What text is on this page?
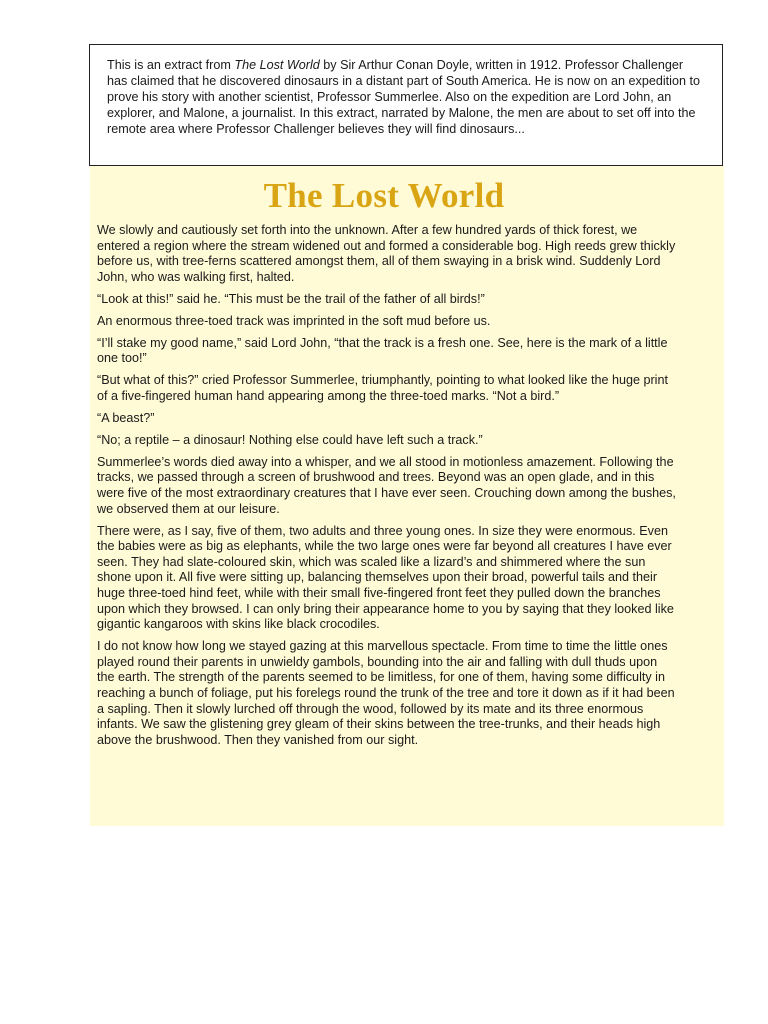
This is an extract from The Lost World by Sir Arthur Conan Doyle, written in 1912. Professor Challenger has claimed that he discovered dinosaurs in a distant part of South America. He is now on an expedition to prove his story with another scientist, Professor Summerlee. Also on the expedition are Lord John, an explorer, and Malone, a journalist. In this extract, narrated by Malone, the men are about to set off into the remote area where Professor Challenger believes they will find dinosaurs...
The Lost World

We slowly and cautiously set forth into the unknown. After a few hundred yards of thick forest, we entered a region where the stream widened out and formed a considerable bog. High reeds grew thickly before us, with tree-ferns scattered amongst them, all of them swaying in a brisk wind. Suddenly Lord John, who was walking first, halted.

“Look at this!” said he. “This must be the trail of the father of all birds!”

An enormous three-toed track was imprinted in the soft mud before us.

“I’ll stake my good name,” said Lord John, “that the track is a fresh one. See, here is the mark of a little one too!”

“But what of this?” cried Professor Summerlee, triumphantly, pointing to what looked like the huge print of a five-fingered human hand appearing among the three-toed marks. “Not a bird.”

“A beast?”

“No; a reptile – a dinosaur! Nothing else could have left such a track.”

Summerlee’s words died away into a whisper, and we all stood in motionless amazement. Following the tracks, we passed through a screen of brushwood and trees. Beyond was an open glade, and in this were five of the most extraordinary creatures that I have ever seen. Crouching down among the bushes, we observed them at our leisure.

There were, as I say, five of them, two adults and three young ones. In size they were enormous. Even the babies were as big as elephants, while the two large ones were far beyond all creatures I have ever seen. They had slate-coloured skin, which was scaled like a lizard’s and shimmered where the sun shone upon it. All five were sitting up, balancing themselves upon their broad, powerful tails and their huge three-toed hind feet, while with their small five-fingered front feet they pulled down the branches upon which they browsed. I can only bring their appearance home to you by saying that they looked like gigantic kangaroos with skins like black crocodiles.

I do not know how long we stayed gazing at this marvellous spectacle. From time to time the little ones played round their parents in unwieldy gambols, bounding into the air and falling with dull thuds upon the earth. The strength of the parents seemed to be limitless, for one of them, having some difficulty in reaching a bunch of foliage, put his forelegs round the trunk of the tree and tore it down as if it had been a sapling. Then it slowly lurched off through the wood, followed by its mate and its three enormous infants. We saw the glistening grey gleam of their skins between the tree-trunks, and their heads high above the brushwood. Then they vanished from our sight.
